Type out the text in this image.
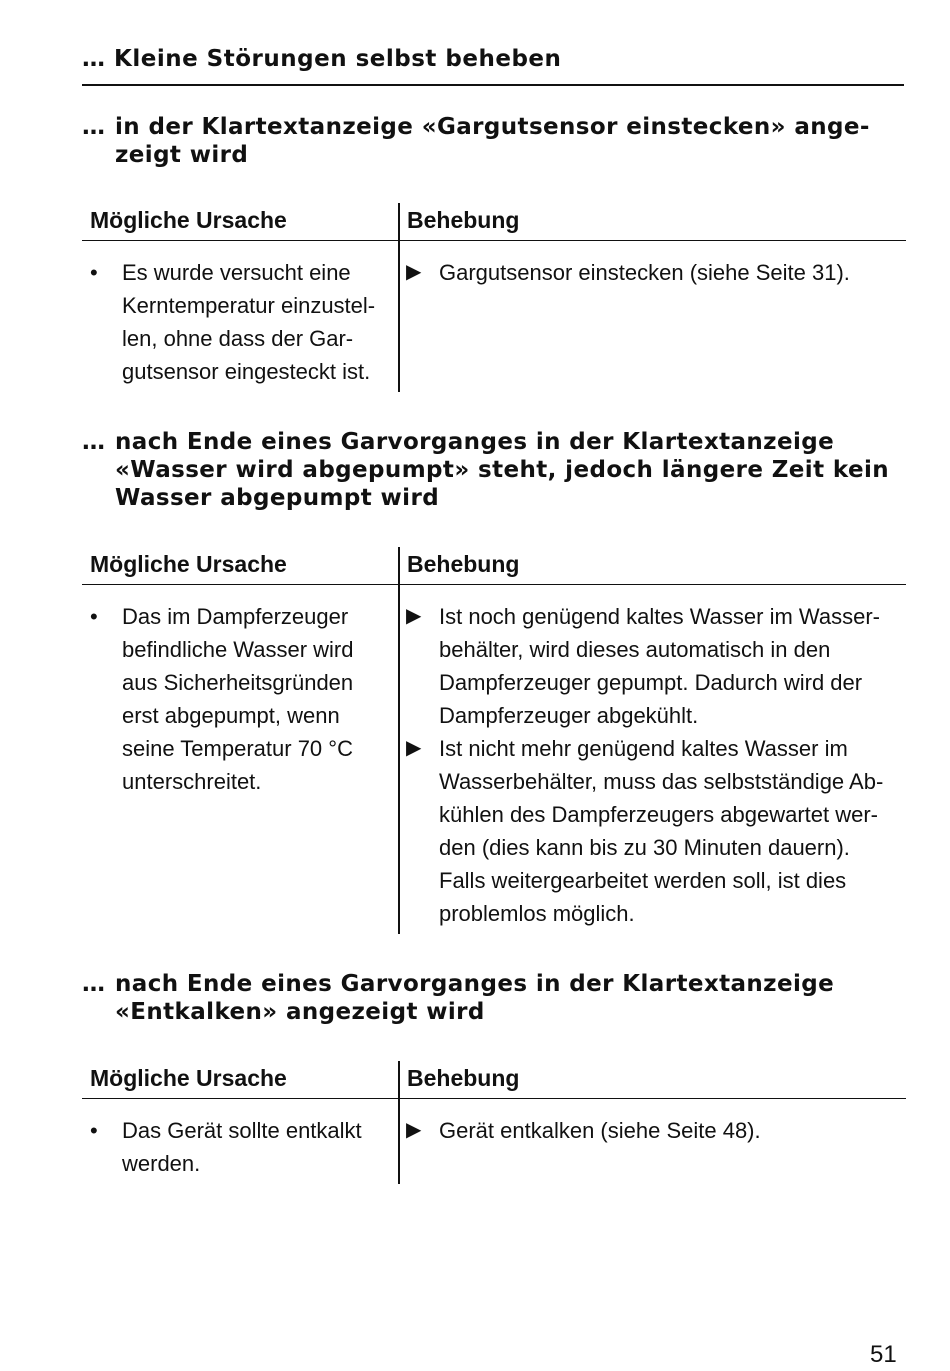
… Kleine Störungen selbst beheben
… in der Klartextanzeige «Gargutsensor einstecken» ange-
zeigt wird
Mögliche Ursache	Behebung
• Es wurde versucht eine
Kerntemperatur einzustel-
len, ohne dass der Gar-
gutsensor eingesteckt ist.
▶ Gargutsensor einstecken (siehe Seite 31).
… nach Ende eines Garvorganges in der Klartextanzeige
«Wasser wird abgepumpt» steht, jedoch längere Zeit kein
Wasser abgepumpt wird
Mögliche Ursache	Behebung
• Das im Dampferzeuger
befindliche Wasser wird
aus Sicherheitsgründen
erst abgepumpt, wenn
seine Temperatur 70 °C
unterschreitet.
▶ Ist noch genügend kaltes Wasser im Wasser-
behälter, wird dieses automatisch in den
Dampferzeuger gepumpt. Dadurch wird der
Dampferzeuger abgekühlt.
▶ Ist nicht mehr genügend kaltes Wasser im
Wasserbehälter, muss das selbstständige Ab-
kühlen des Dampferzeugers abgewartet wer-
den (dies kann bis zu 30 Minuten dauern).
Falls weitergearbeitet werden soll, ist dies
problemlos möglich.
… nach Ende eines Garvorganges in der Klartextanzeige
«Entkalken» angezeigt wird
Mögliche Ursache	Behebung
• Das Gerät sollte entkalkt
werden.
▶ Gerät entkalken (siehe Seite 48).
51
